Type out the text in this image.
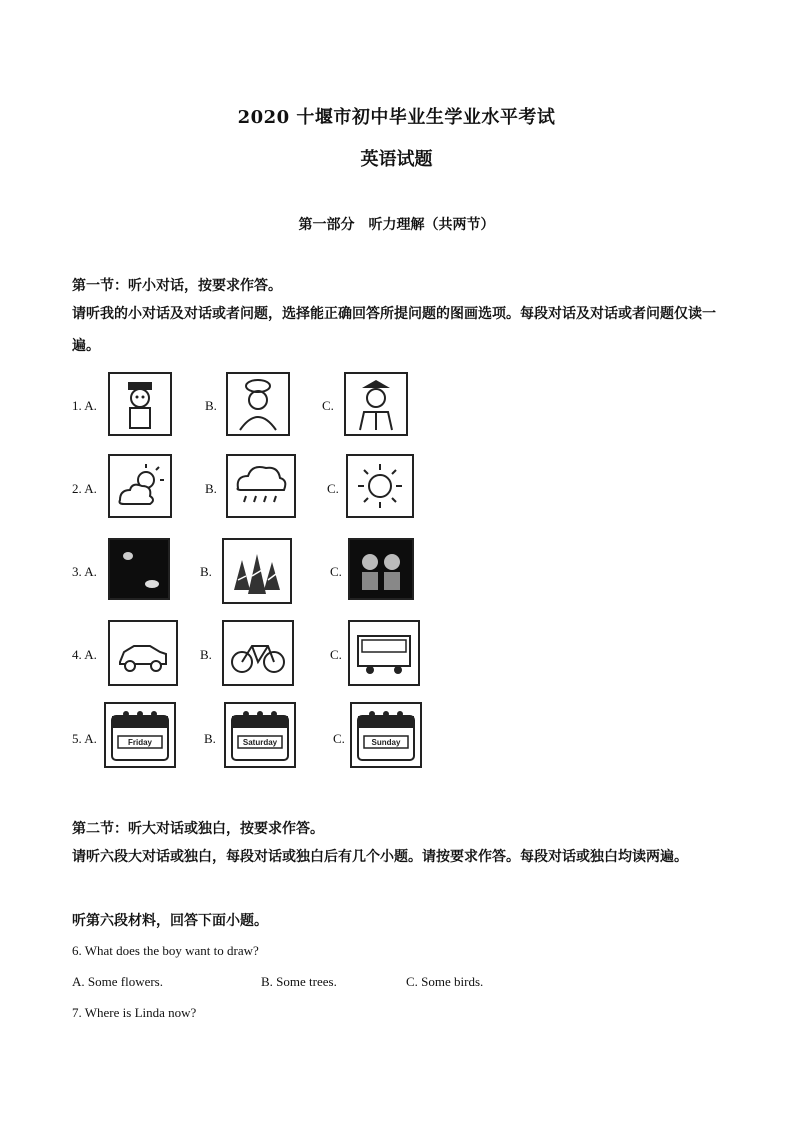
2020 十堰市初中毕业生学业水平考试
英语试题
第一部分　听力理解（共两节）
第一节：听小对话，按要求作答。
请听我的小对话及对话或者问题，选择能正确回答所提问题的图画选项。每段对话及对话或者问题仅读一遍。
1. A.	B.	C.
2. A.	B.	C.
3. A.	B.	C.
4. A.	B.	C.
5. A.	Friday	B.	Saturday	C.	Sunday
第二节：听大对话或独白，按要求作答。
请听六段大对话或独白，每段对话或独白后有几个小题。请按要求作答。每段对话或独白均读两遍。
听第六段材料，回答下面小题。
6. What does the boy want to draw?
A. Some flowers.	B. Some trees.	C. Some birds.
7. Where is Linda now?
